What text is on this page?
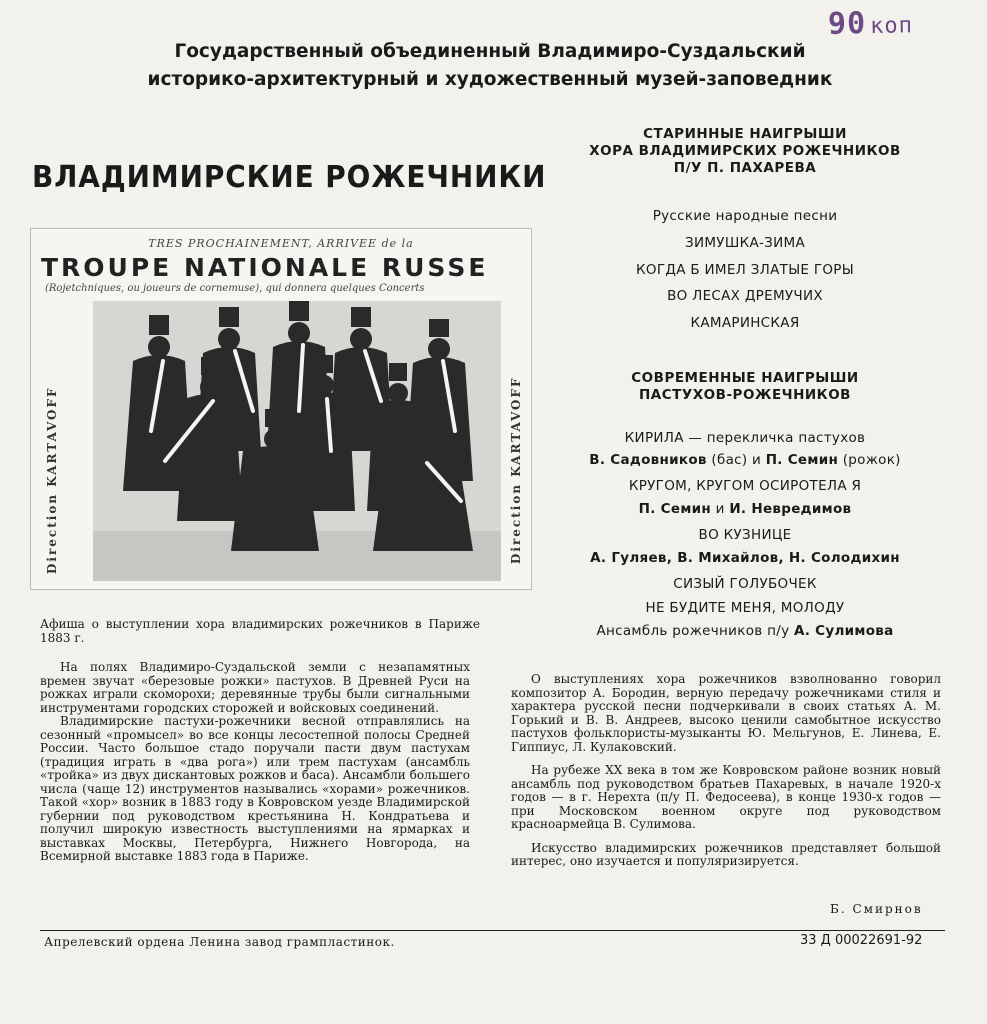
90 коп
Государственный объединенный Владимиро-Суздальский
историко-архитектурный и художественный музей-заповедник
ВЛАДИМИРСКИЕ РОЖЕЧНИКИ
TRES PROCHAINEMENT, ARRIVEE de la
TROUPE NATIONALE RUSSE
(Rojetchniques, ou joueurs de cornemuse), qui donnera quelques Concerts
Direction KARTAVOFF	Direction KARTAVOFF
Афиша о выступлении хора владимирских рожечников в Париже 1883 г.
СТАРИННЫЕ НАИГРЫШИ
ХОРА ВЛАДИМИРСКИХ РОЖЕЧНИКОВ
П/У П. ПАХАРЕВА
Русские народные песни
ЗИМУШКА-ЗИМА
КОГДА Б ИМЕЛ ЗЛАТЫЕ ГОРЫ
ВО ЛЕСАХ ДРЕМУЧИХ
КАМАРИНСКАЯ
СОВРЕМЕННЫЕ НАИГРЫШИ
ПАСТУХОВ-РОЖЕЧНИКОВ
КИРИЛА — перекличка пастухов
В. Садовников (бас) и П. Семин (рожок)
КРУГОМ, КРУГОМ ОСИРОТЕЛА Я
П. Семин и И. Невредимов
ВО КУЗНИЦЕ
А. Гуляев, В. Михайлов, Н. Солодихин
СИЗЫЙ ГОЛУБОЧЕК
НЕ БУДИТЕ МЕНЯ, МОЛОДУ
Ансамбль рожечников п/у А. Сулимова

На полях Владимиро-Суздальской земли с незапамятных времен звучат «березовые рожки» пастухов. В Древней Руси на рожках играли скоморохи; деревянные трубы были сигнальными инструментами городских сторожей и войсковых соединений.

Владимирские пастухи-рожечники весной отправлялись на сезонный «промысел» во все концы лесостепной полосы Средней России. Часто большое стадо поручали пасти двум пастухам (традиция играть в «два рога») или трем пастухам (ансамбль «тройка» из двух дискантовых рожков и баса). Ансамбли большего числа (чаще 12) инструментов назывались «хорами» рожечников. Такой «хор» возник в 1883 году в Ковровском уезде Владимирской губернии под руководством крестьянина Н. Кондратьева и получил широкую известность выступлениями на ярмарках и выставках Москвы, Петербурга, Нижнего Новгорода, на Всемирной выставке 1883 года в Париже.

О выступлениях хора рожечников взволнованно говорил композитор А. Бородин, верную передачу рожечниками стиля и характера русской песни подчеркивали в своих статьях А. М. Горький и В. В. Андреев, высоко ценили самобытное искусство пастухов фольклористы-музыканты Ю. Мельгунов, Е. Линева, Е. Гиппиус, Л. Кулаковский.

На рубеже XX века в том же Ковровском районе возник новый ансамбль под руководством братьев Пахаревых, в начале 1920-х годов — в г. Нерехта (п/у П. Федосеева), в конце 1930-х годов — при Московском военном округе под руководством красноармейца В. Сулимова.

Искусство владимирских рожечников представляет большой интерес, оно изучается и популяризируется.

Б. Смирнов
Апрелевский ордена Ленина завод грампластинок.	33 Д 00022691-92
